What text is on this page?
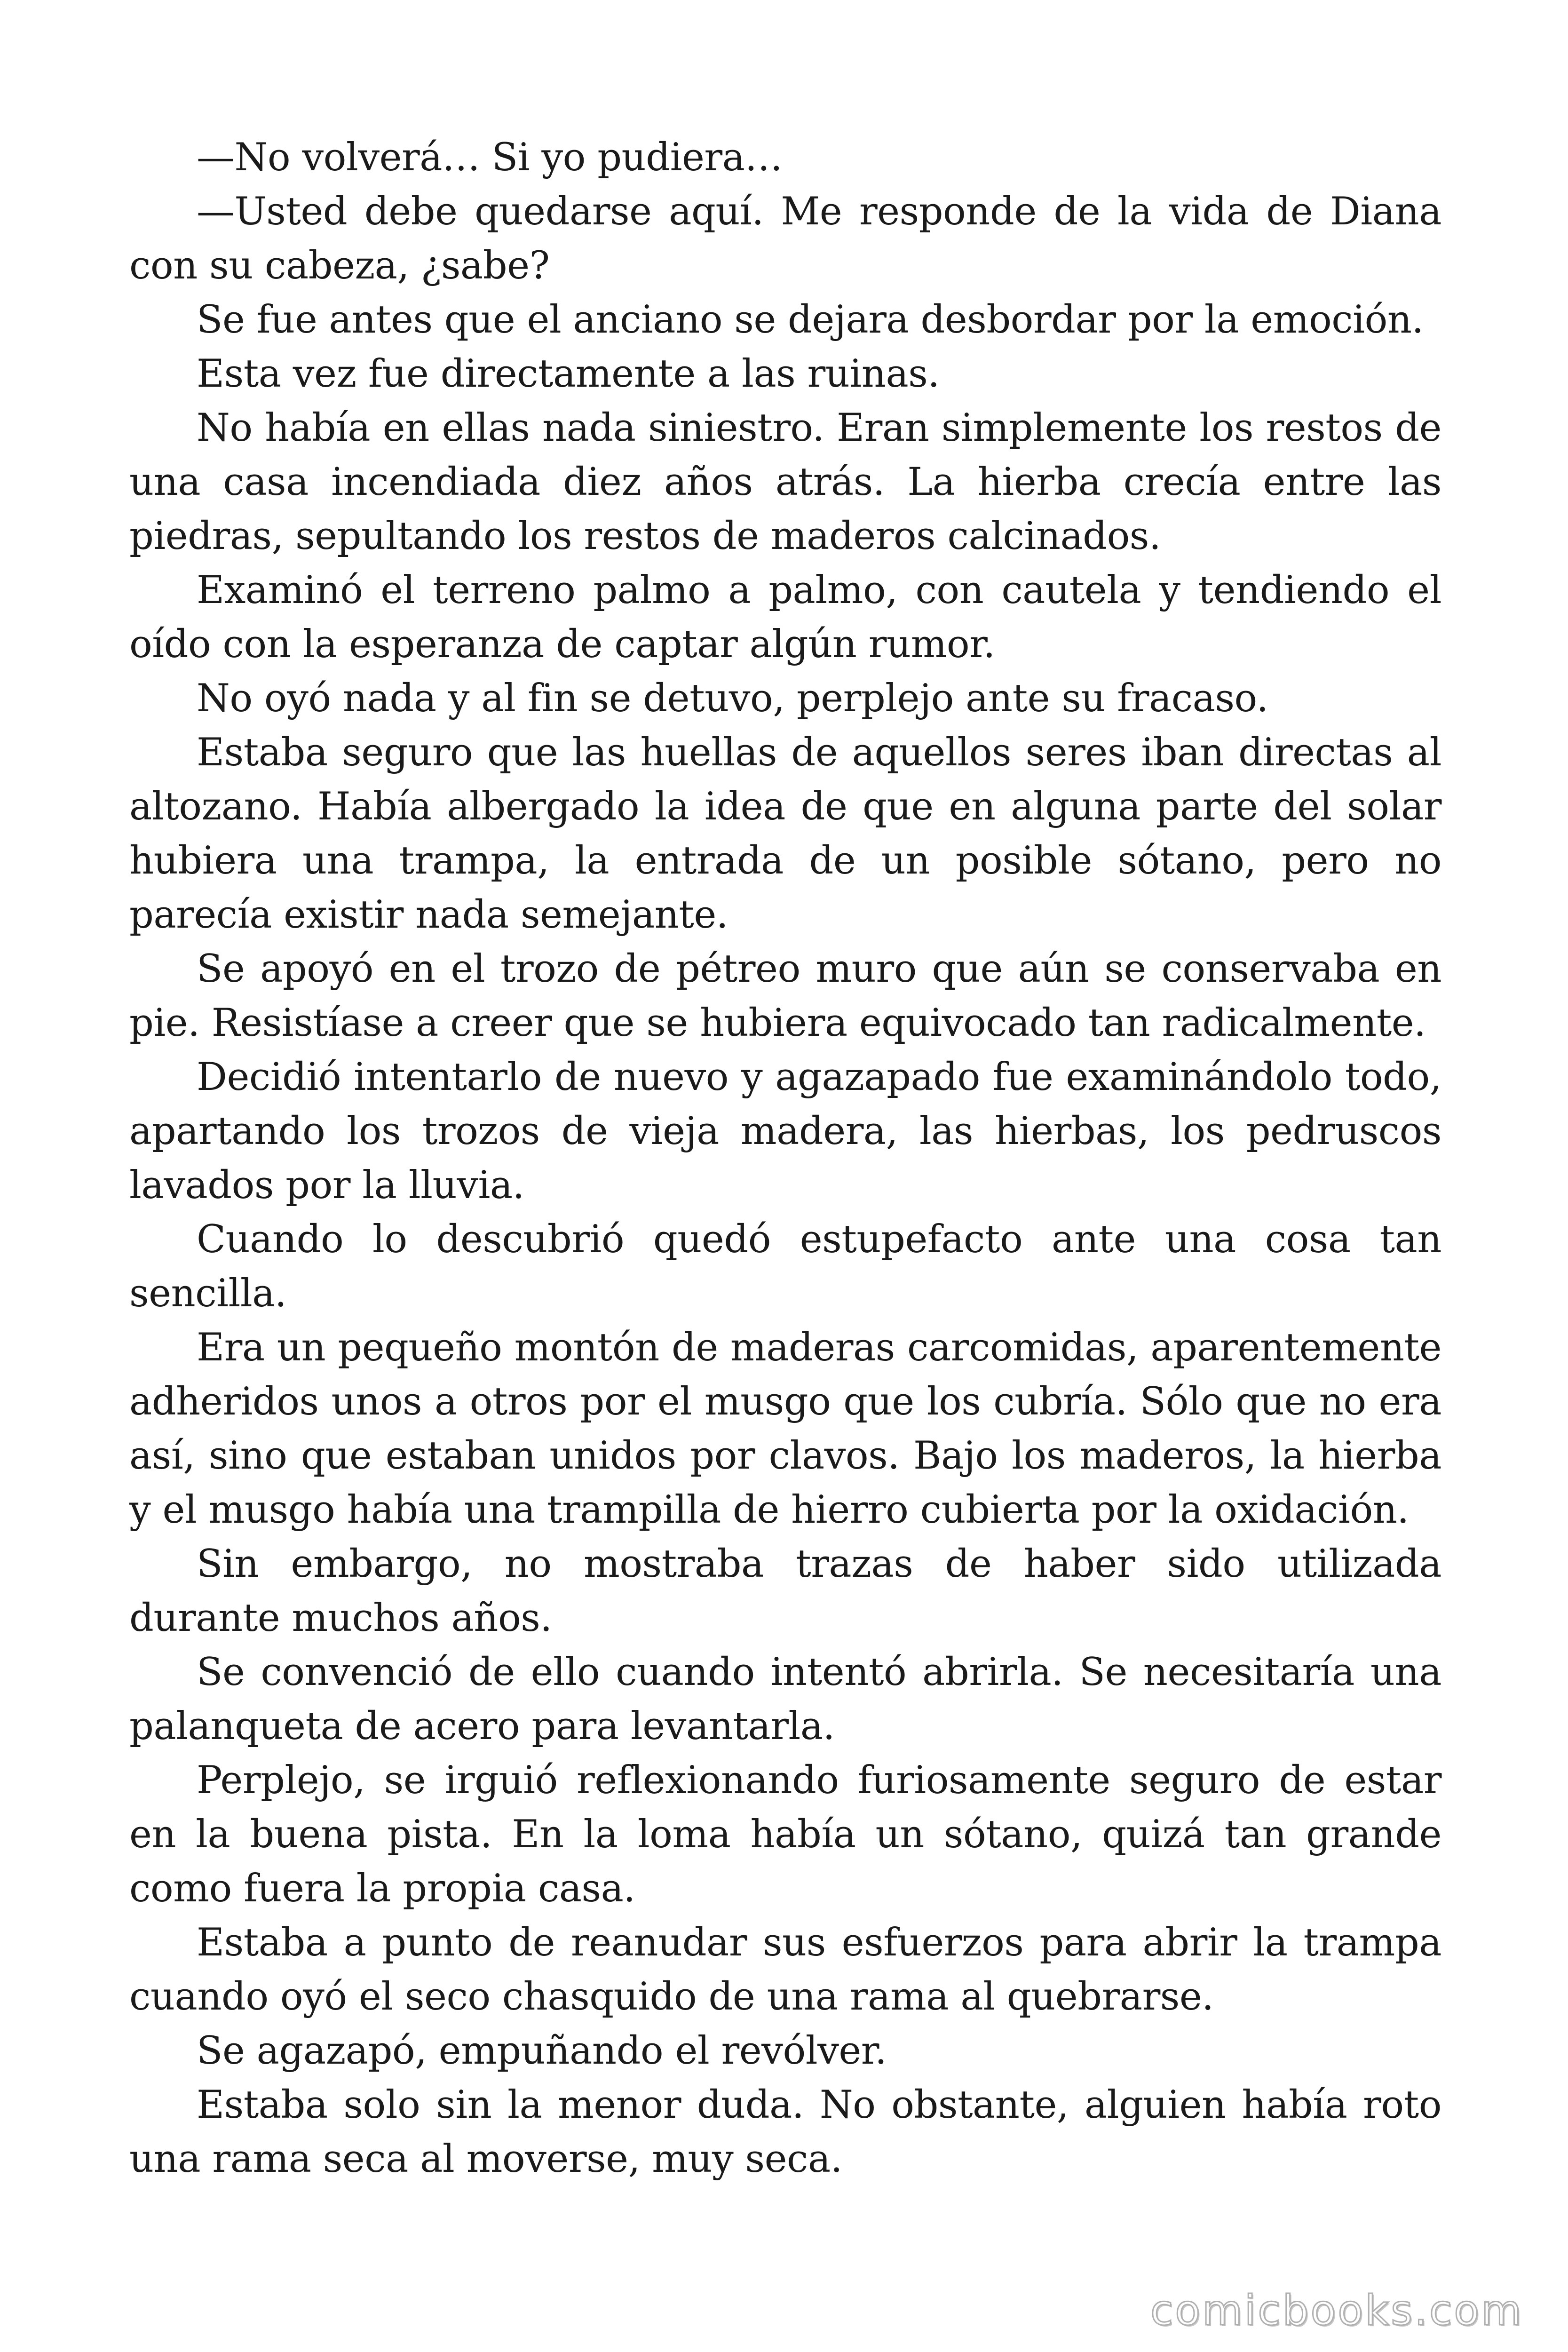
—No volverá… Si yo pudiera…

—Usted debe quedarse aquí. Me responde de la vida de Diana con su cabeza, ¿sabe?

Se fue antes que el anciano se dejara desbordar por la emoción.

Esta vez fue directamente a las ruinas.

No había en ellas nada siniestro. Eran simplemente los restos de una casa incendiada diez años atrás. La hierba crecía entre las piedras, sepultando los restos de maderos calcinados.

Examinó el terreno palmo a palmo, con cautela y tendiendo el oído con la esperanza de captar algún rumor.

No oyó nada y al fin se detuvo, perplejo ante su fracaso.

Estaba seguro que las huellas de aquellos seres iban directas al altozano. Había albergado la idea de que en alguna parte del solar hubiera una trampa, la entrada de un posible sótano, pero no parecía existir nada semejante.

Se apoyó en el trozo de pétreo muro que aún se conservaba en pie. Resistíase a creer que se hubiera equivocado tan radicalmente.

Decidió intentarlo de nuevo y agazapado fue examinándolo todo, apartando los trozos de vieja madera, las hierbas, los pedruscos lavados por la lluvia.

Cuando lo descubrió quedó estupefacto ante una cosa tan sencilla.

Era un pequeño montón de maderas carcomidas, aparentemente adheridos unos a otros por el musgo que los cubría. Sólo que no era así, sino que estaban unidos por clavos. Bajo los maderos, la hierba y el musgo había una trampilla de hierro cubierta por la oxidación.

Sin embargo, no mostraba trazas de haber sido utilizada durante muchos años.

Se convenció de ello cuando intentó abrirla. Se necesitaría una palanqueta de acero para levantarla.

Perplejo, se irguió reflexionando furiosamente seguro de estar en la buena pista. En la loma había un sótano, quizá tan grande como fuera la propia casa.

Estaba a punto de reanudar sus esfuerzos para abrir la trampa cuando oyó el seco chasquido de una rama al quebrarse.

Se agazapó, empuñando el revólver.

Estaba solo sin la menor duda. No obstante, alguien había roto una rama seca al moverse, muy seca.

comicbooks.com
